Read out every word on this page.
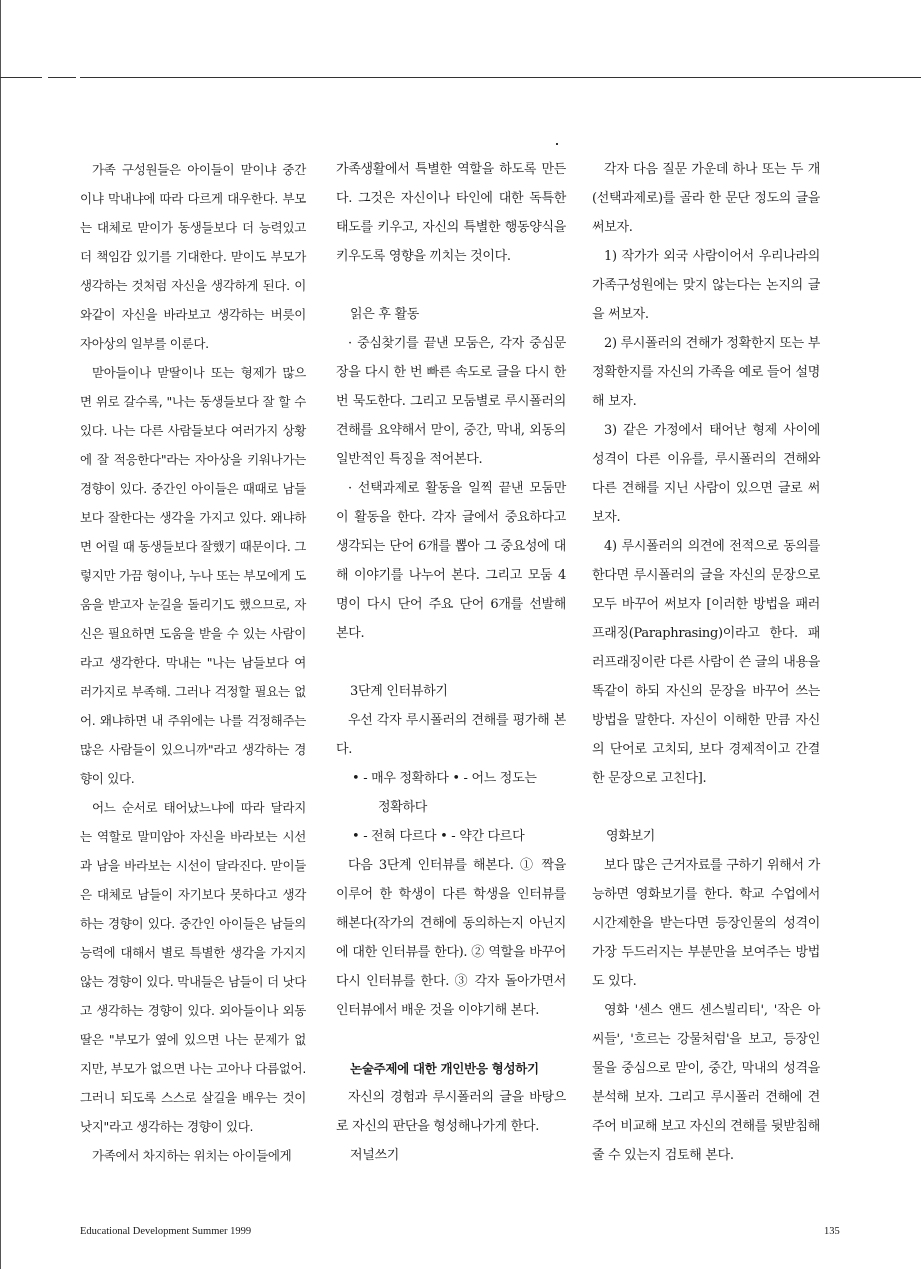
가족 구성원들은 아이들이 맏이냐 중간이냐 막내냐에 따라 다르게 대우한다. 부모는 대체로 맏이가 동생들보다 더 능력있고 더 책임감 있기를 기대한다. 맏이도 부모가 생각하는 것처럼 자신을 생각하게 된다. 이와같이 자신을 바라보고 생각하는 버릇이 자아상의 일부를 이룬다.

맏아들이나 맏딸이나 또는 형제가 많으면 위로 갈수록, "나는 동생들보다 잘 할 수 있다. 나는 다른 사람들보다 여러가지 상황에 잘 적응한다"라는 자아상을 키워나가는 경향이 있다. 중간인 아이들은 때때로 남들보다 잘한다는 생각을 가지고 있다. 왜냐하면 어릴 때 동생들보다 잘했기 때문이다. 그렇지만 가끔 형이나, 누나 또는 부모에게 도움을 받고자 눈길을 돌리기도 했으므로, 자신은 필요하면 도움을 받을 수 있는 사람이라고 생각한다. 막내는 "나는 남들보다 여러가지로 부족해. 그러나 걱정할 필요는 없어. 왜냐하면 내 주위에는 나를 걱정해주는 많은 사람들이 있으니까"라고 생각하는 경향이 있다.

어느 순서로 태어났느냐에 따라 달라지는 역할로 말미암아 자신을 바라보는 시선과 남을 바라보는 시선이 달라진다. 맏이들은 대체로 남들이 자기보다 못하다고 생각하는 경향이 있다. 중간인 아이들은 남들의 능력에 대해서 별로 특별한 생각을 가지지 않는 경향이 있다. 막내들은 남들이 더 낫다고 생각하는 경향이 있다. 외아들이나 외동딸은 "부모가 옆에 있으면 나는 문제가 없지만, 부모가 없으면 나는 고아나 다름없어. 그러니 되도록 스스로 살길을 배우는 것이 낫지"라고 생각하는 경향이 있다.

가족에서 차지하는 위치는 아이들에게

가족생활에서 특별한 역할을 하도록 만든다. 그것은 자신이나 타인에 대한 독특한 태도를 키우고, 자신의 특별한 행동양식을 키우도록 영향을 끼치는 것이다.

읽은 후 활동

· 중심찾기를 끝낸 모둠은, 각자 중심문장을 다시 한 번 빠른 속도로 글을 다시 한 번 묵도한다. 그리고 모둠별로 루시폴러의 견해를 요약해서 맏이, 중간, 막내, 외동의 일반적인 특징을 적어본다.

· 선택과제로 활동을 일찍 끝낸 모둠만 이 활동을 한다. 각자 글에서 중요하다고 생각되는 단어 6개를 뽑아 그 중요성에 대해 이야기를 나누어 본다. 그리고 모둠 4명이 다시 단어 주요 단어 6개를 선발해 본다.

3단계 인터뷰하기

우선 각자 루시폴러의 견해를 평가해 본다.

• - 매우 정확하다 • - 어느 정도는
정확하다

• - 전혀 다르다 • - 약간 다르다

다음 3단계 인터뷰를 해본다. ① 짝을 이루어 한 학생이 다른 학생을 인터뷰를 해본다(작가의 견해에 동의하는지 아닌지에 대한 인터뷰를 한다). ② 역할을 바꾸어 다시 인터뷰를 한다. ③ 각자 돌아가면서 인터뷰에서 배운 것을 이야기해 본다.

논술주제에 대한 개인반응 형성하기

자신의 경험과 루시폴러의 글을 바탕으로 자신의 판단을 형성해나가게 한다.

저널쓰기

각자 다음 질문 가운데 하나 또는 두 개(선택과제로)를 골라 한 문단 정도의 글을 써보자.

1) 작가가 외국 사람이어서 우리나라의 가족구성원에는 맞지 않는다는 논지의 글을 써보자.

2) 루시폴러의 견해가 정확한지 또는 부정확한지를 자신의 가족을 예로 들어 설명해 보자.

3) 같은 가정에서 태어난 형제 사이에 성격이 다른 이유를, 루시폴러의 견해와 다른 견해를 지닌 사람이 있으면 글로 써 보자.

4) 루시폴러의 의견에 전적으로 동의를 한다면 루시폴러의 글을 자신의 문장으로 모두 바꾸어 써보자 [이러한 방법을 패러프래징(Paraphrasing)이라고 한다. 패러프래징이란 다른 사람이 쓴 글의 내용을 똑같이 하되 자신의 문장을 바꾸어 쓰는 방법을 말한다. 자신이 이해한 만큼 자신의 단어로 고치되, 보다 경제적이고 간결한 문장으로 고친다].

영화보기

보다 많은 근거자료를 구하기 위해서 가능하면 영화보기를 한다. 학교 수업에서 시간제한을 받는다면 등장인물의 성격이 가장 두드러지는 부분만을 보여주는 방법도 있다.

영화 '센스 앤드 센스빌리티', '작은 아씨들', '흐르는 강물처럼'을 보고, 등장인물을 중심으로 맏이, 중간, 막내의 성격을 분석해 보자. 그리고 루시폴러 견해에 견주어 비교해 보고 자신의 견해를 뒷받침해 줄 수 있는지 검토해 본다.

Educational Development Summer 1999	135
